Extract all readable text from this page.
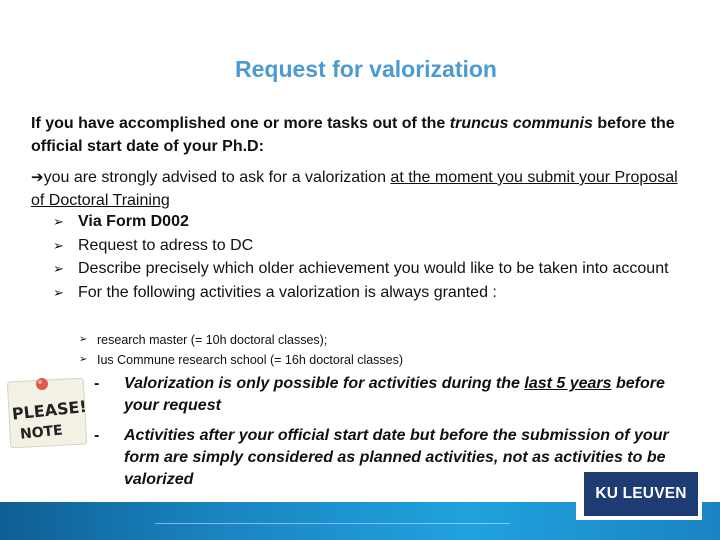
Request for valorization
If you have accomplished one or more tasks out of the truncus communis before the official start date of your Ph.D:
➔you are strongly advised to ask for a valorization at the moment you submit your Proposal of Doctoral Training
➢ Via Form D002
➢ Request to adress to DC
➢ Describe precisely which older achievement you would like to be taken into account
➢ For the following activities a valorization is always granted :
➢ research master (= 10h doctoral classes);
➢ Ius Commune research school (= 16h doctoral classes)
PLEASE!
NOTE
- Valorization is only possible for activities during the last 5 years before your request
- Activities after your official start date but before the submission of your form are simply considered as planned activities, not as activities to be valorized
KU LEUVEN
